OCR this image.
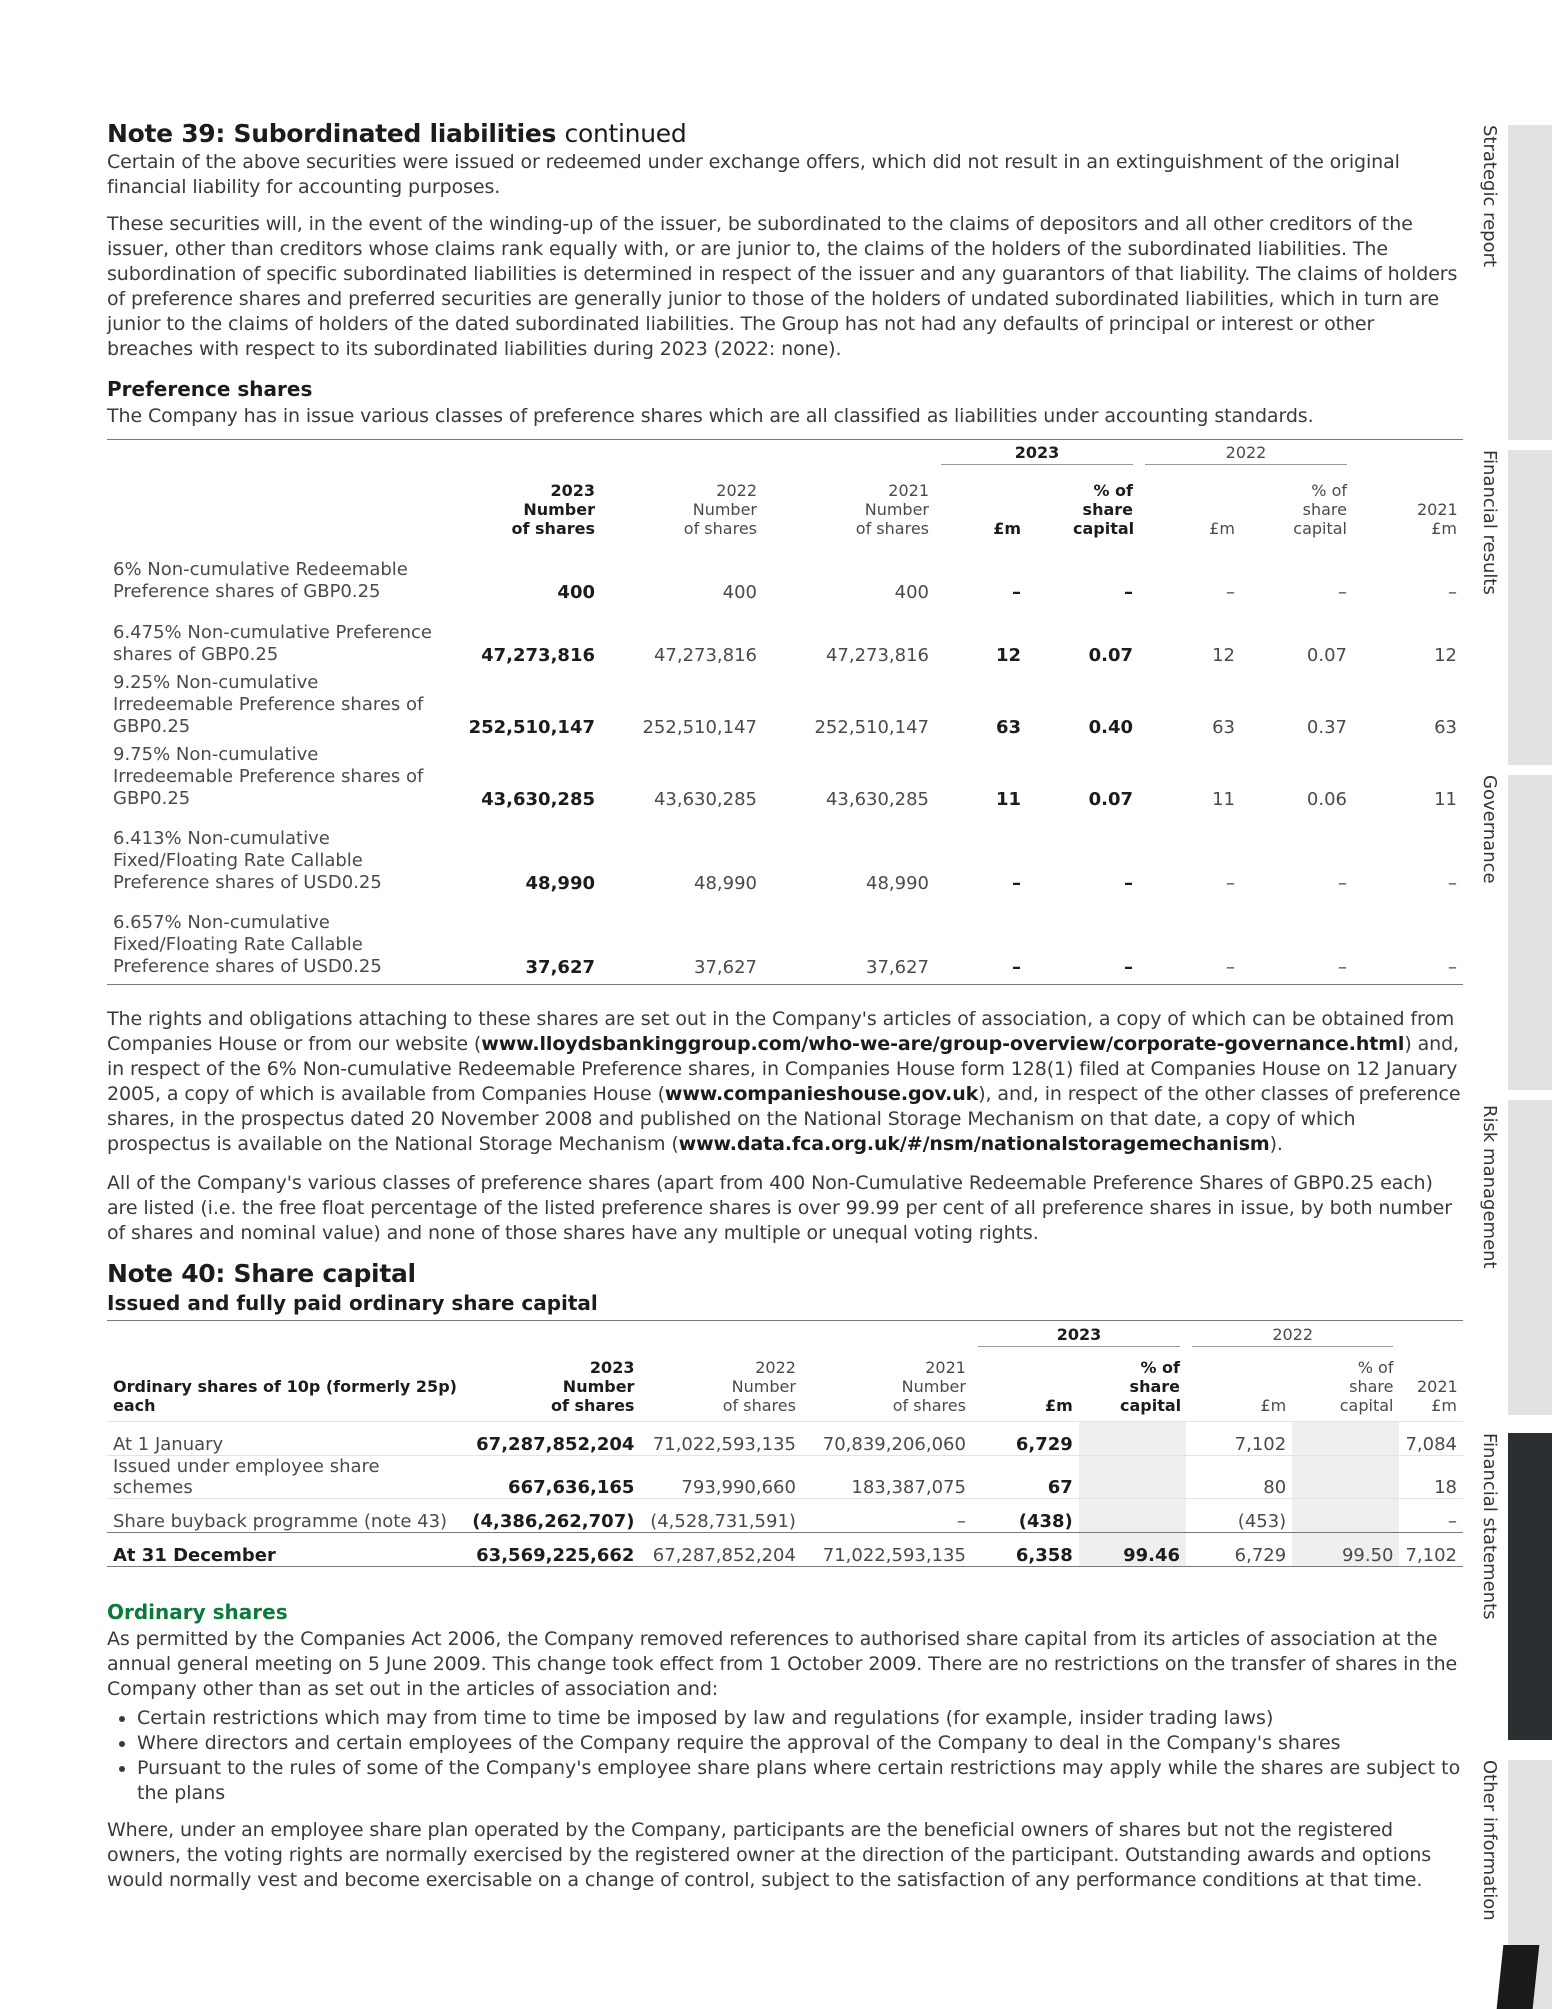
Note 39: Subordinated liabilities continued

Certain of the above securities were issued or redeemed under exchange offers, which did not result in an extinguishment of the original financial liability for accounting purposes.

These securities will, in the event of the winding-up of the issuer, be subordinated to the claims of depositors and all other creditors of the issuer, other than creditors whose claims rank equally with, or are junior to, the claims of the holders of the subordinated liabilities. The subordination of specific subordinated liabilities is determined in respect of the issuer and any guarantors of that liability. The claims of holders of preference shares and preferred securities are generally junior to those of the holders of undated subordinated liabilities, which in turn are junior to the claims of holders of the dated subordinated liabilities. The Group has not had any defaults of principal or interest or other breaches with respect to its subordinated liabilities during 2023 (2022: none).

Preference shares

The Company has in issue various classes of preference shares which are all classified as liabilities under accounting standards.

				2023		2022		

	2023 Number of shares	2022 Number of shares	2021 Number of shares	£m	% of share capital	£m	% of share capital	2021 £m

6% Non-cumulative Redeemable Preference shares of GBP0.25	400	400	400	–	–	–	–	–
6.475% Non-cumulative Preference shares of GBP0.25	47,273,816	47,273,816	47,273,816	12	0.07	12	0.07	12
9.25% Non-cumulative Irredeemable Preference shares of GBP0.25	252,510,147	252,510,147	252,510,147	63	0.40	63	0.37	63
9.75% Non-cumulative Irredeemable Preference shares of GBP0.25	43,630,285	43,630,285	43,630,285	11	0.07	11	0.06	11
6.413% Non-cumulative Fixed/Floating Rate Callable Preference shares of USD0.25	48,990	48,990	48,990	–	–	–	–	–
6.657% Non-cumulative Fixed/Floating Rate Callable Preference shares of USD0.25	37,627	37,627	37,627	–	–	–	–	–

The rights and obligations attaching to these shares are set out in the Company's articles of association, a copy of which can be obtained from Companies House or from our website (www.lloydsbankinggroup.com/who-we-are/group-overview/corporate-governance.html) and, in respect of the 6% Non-cumulative Redeemable Preference shares, in Companies House form 128(1) filed at Companies House on 12 January 2005, a copy of which is available from Companies House (www.companieshouse.gov.uk), and, in respect of the other classes of preference shares, in the prospectus dated 20 November 2008 and published on the National Storage Mechanism on that date, a copy of which prospectus is available on the National Storage Mechanism (www.data.fca.org.uk/#/nsm/nationalstoragemechanism).

All of the Company's various classes of preference shares (apart from 400 Non-Cumulative Redeemable Preference Shares of GBP0.25 each) are listed (i.e. the free float percentage of the listed preference shares is over 99.99 per cent of all preference shares in issue, by both number of shares and nominal value) and none of those shares have any multiple or unequal voting rights.

Note 40: Share capital
Issued and fully paid ordinary share capital
				2023		2022		
Ordinary shares of 10p (formerly 25p) each	2023 Number of shares	2022 Number of shares	2021 Number of shares	£m	% of share capital	£m	% of share capital	2021 £m

At 1 January	67,287,852,204	71,022,593,135	70,839,206,060	6,729		7,102		7,084
Issued under employee share schemes	667,636,165	793,990,660	183,387,075	67		80		18
Share buyback programme (note 43)	(4,386,262,707)	(4,528,731,591)	–	(438)		(453)		–
At 31 December	63,569,225,662	67,287,852,204	71,022,593,135	6,358	99.46	6,729	99.50	7,102
Ordinary shares

As permitted by the Companies Act 2006, the Company removed references to authorised share capital from its articles of association at the annual general meeting on 5 June 2009. This change took effect from 1 October 2009. There are no restrictions on the transfer of shares in the Company other than as set out in the articles of association and:

• Certain restrictions which may from time to time be imposed by law and regulations (for example, insider trading laws)
• Where directors and certain employees of the Company require the approval of the Company to deal in the Company's shares
• Pursuant to the rules of some of the Company's employee share plans where certain restrictions may apply while the shares are subject to the plans

Where, under an employee share plan operated by the Company, participants are the beneficial owners of shares but not the registered owners, the voting rights are normally exercised by the registered owner at the direction of the participant. Outstanding awards and options would normally vest and become exercisable on a change of control, subject to the satisfaction of any performance conditions at that time.

Strategic report
Financial results
Governance
Risk management
Financial statements
Other information
